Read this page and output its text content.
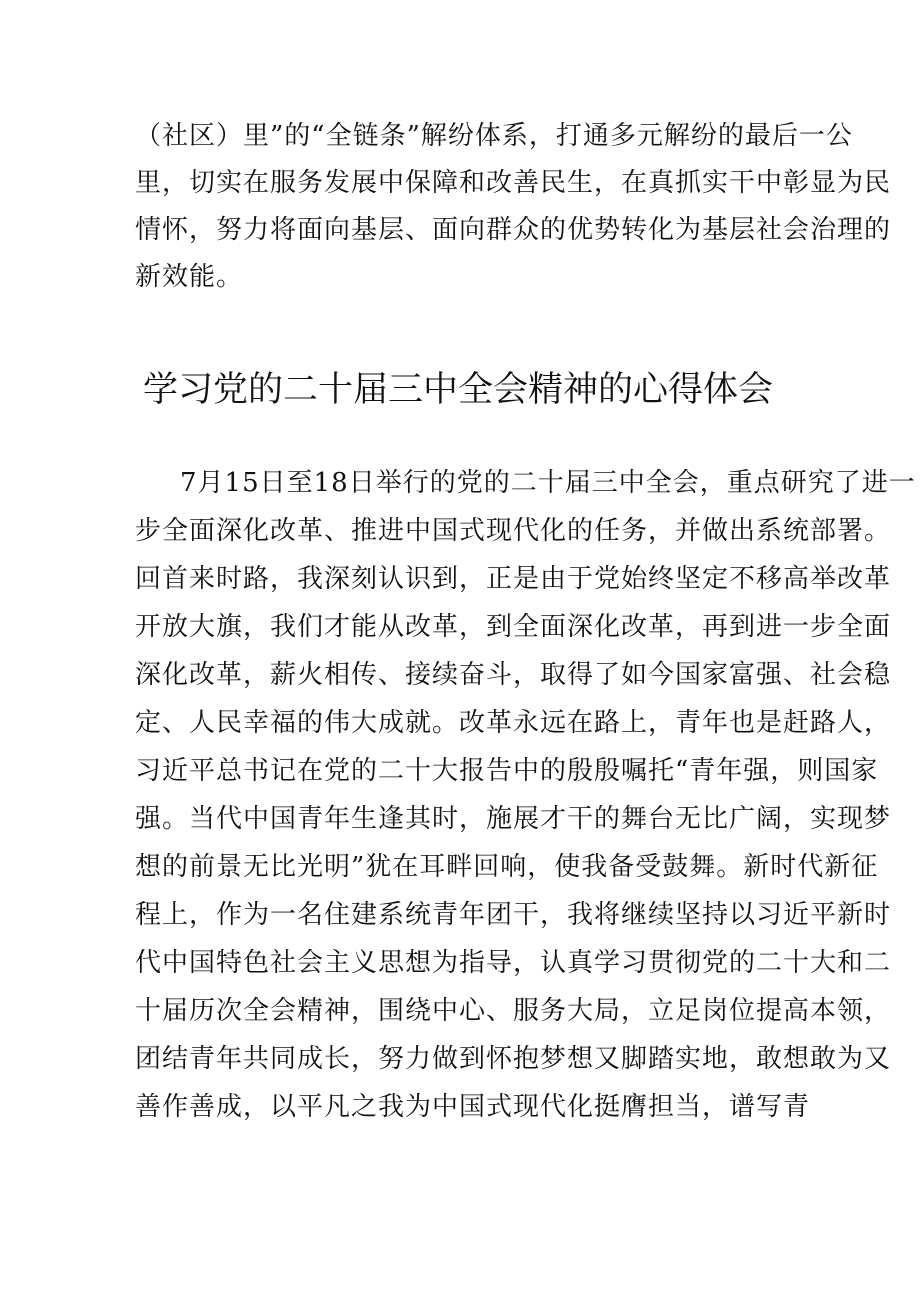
（社区）里”的“全链条”解纷体系，打通多元解纷的最后一公
里，切实在服务发展中保障和改善民生，在真抓实干中彰显为民
情怀，努力将面向基层、面向群众的优势转化为基层社会治理的
新效能。
学习党的二十届三中全会精神的心得体会
7月15日至18日举行的党的二十届三中全会，重点研究了进一
步全面深化改革、推进中国式现代化的任务，并做出系统部署。
回首来时路，我深刻认识到，正是由于党始终坚定不移高举改革
开放大旗，我们才能从改革，到全面深化改革，再到进一步全面
深化改革，薪火相传、接续奋斗，取得了如今国家富强、社会稳
定、人民幸福的伟大成就。改革永远在路上，青年也是赶路人，
习近平总书记在党的二十大报告中的殷殷嘱托“青年强，则国家
强。当代中国青年生逢其时，施展才干的舞台无比广阔，实现梦
想的前景无比光明”犹在耳畔回响，使我备受鼓舞。新时代新征
程上，作为一名住建系统青年团干，我将继续坚持以习近平新时
代中国特色社会主义思想为指导，认真学习贯彻党的二十大和二
十届历次全会精神，围绕中心、服务大局，立足岗位提高本领，
团结青年共同成长，努力做到怀抱梦想又脚踏实地，敢想敢为又
善作善成，以平凡之我为中国式现代化挺膺担当，谱写青
